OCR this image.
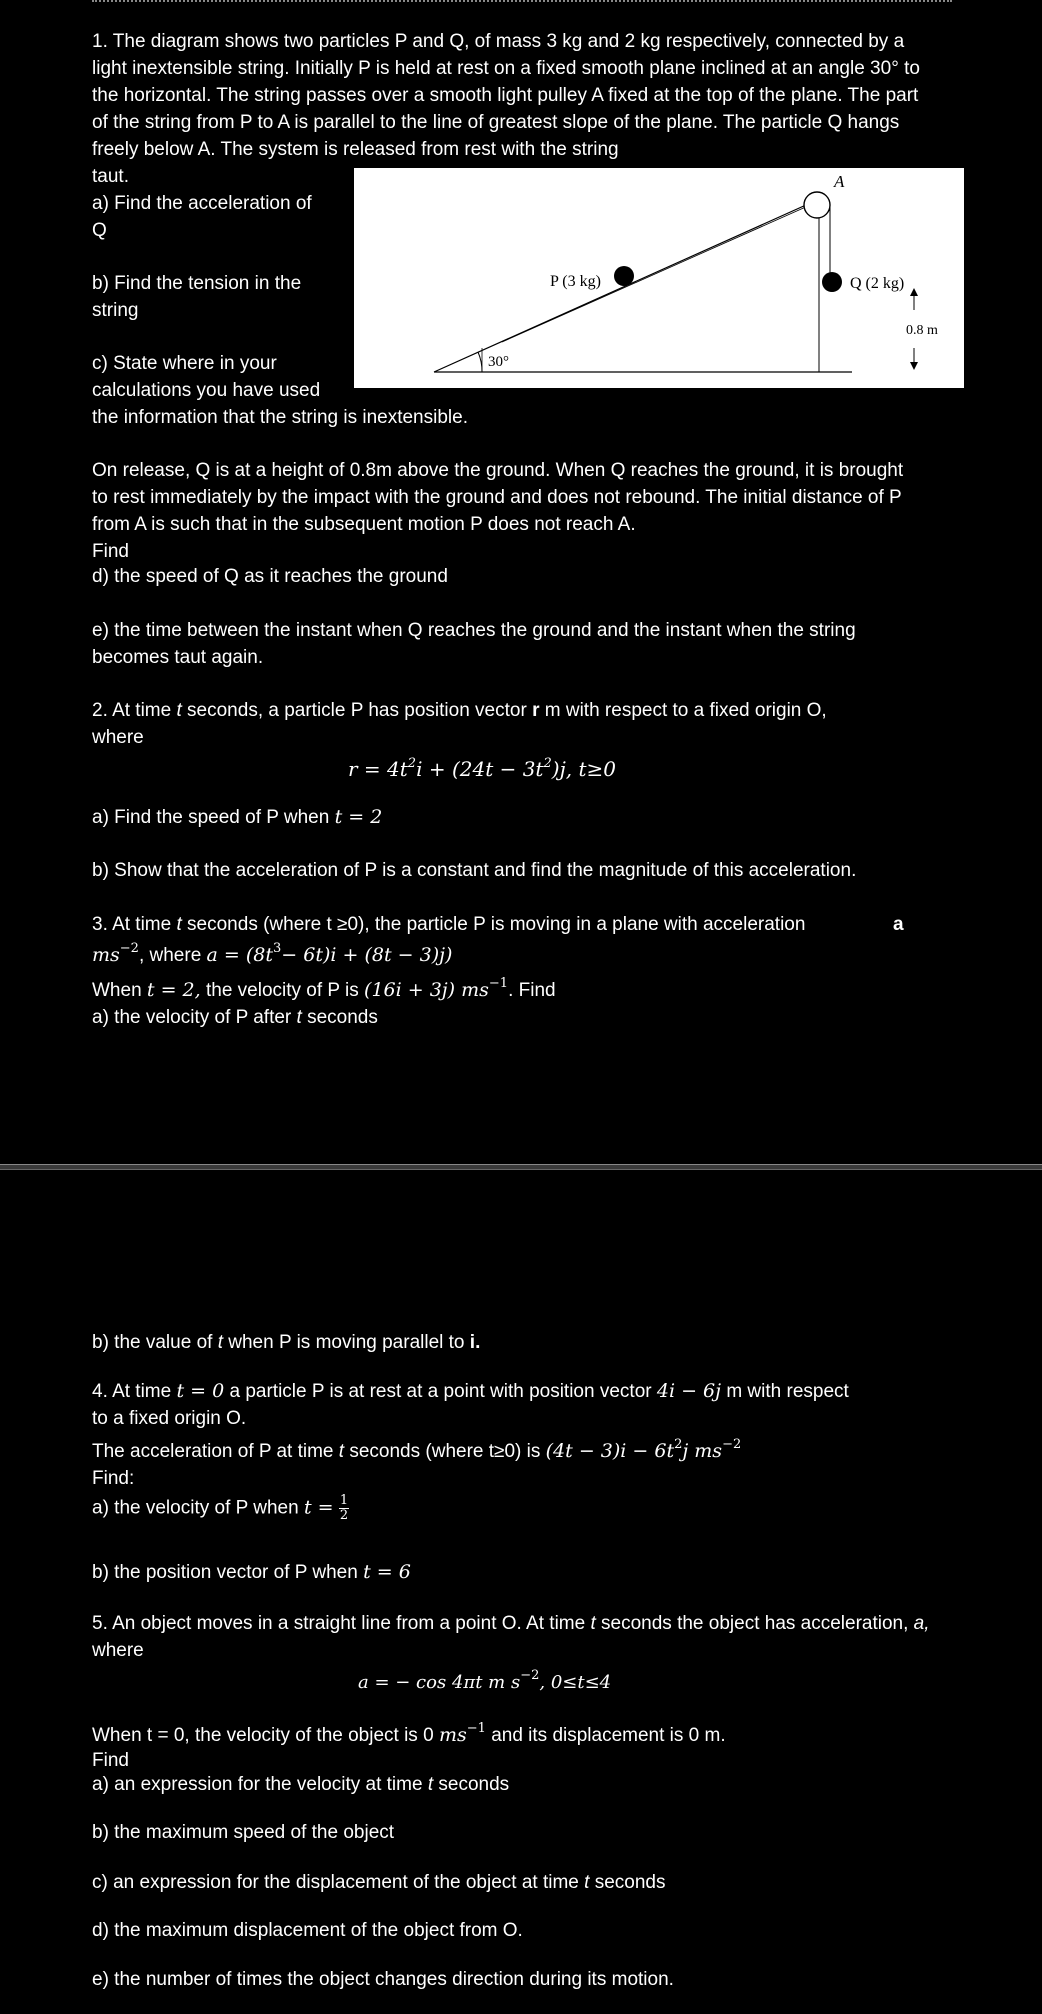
1. The diagram shows two particles P and Q, of mass 3 kg and 2 kg respectively, connected by a light inextensible string. Initially P is held at rest on a fixed smooth plane inclined at an angle 30° to the horizontal. The string passes over a smooth light pulley A fixed at the top of the plane. The part of the string from P to A is parallel to the line of greatest slope of the plane. The particle Q hangs freely below A. The system is released from rest with the string
taut.
a) Find the acceleration of
Q
b) Find the tension in the
string
c) State where in your
calculations you have used
the information that the string is inextensible.
A
P (3 kg)	Q (2 kg)
0.8 m
30°
On release, Q is at a height of 0.8m above the ground. When Q reaches the ground, it is brought to rest immediately by the impact with the ground and does not rebound. The initial distance of P from A is such that in the subsequent motion P does not reach A.
Find
d) the speed of Q as it reaches the ground
e) the time between the instant when Q reaches the ground and the instant when the string becomes taut again.
2. At time t seconds, a particle P has position vector r m with respect to a fixed origin O,
where
$r = 4t^2i + (24t - 3t^2)j$, t≥0
a) Find the speed of P when t = 2
b) Show that the acceleration of P is a constant and find the magnitude of this acceleration.
3. At time t seconds (where t ≥0), the particle P is moving in a plane with acceleration	a
$ms^{-2}$, where $a = (8t^3- 6t)i + (8t - 3)j$)
When t = 2, the velocity of P is (16i + 3j) $ms^{-1}$. Find
a) the velocity of P after t seconds
b) the value of t when P is moving parallel to i.
4. At time t = 0 a particle P is at rest at a point with position vector 4i − 6j m with respect
to a fixed origin O.
The acceleration of P at time t seconds (where t≥0) is $(4t - 3)i - 6t^2j$ $ms^{-2}$
Find:
a) the velocity of P when $t = \frac{1}{2}$
b) the position vector of P when t = 6
5. An object moves in a straight line from a point O. At time t seconds the object has acceleration, a,
where
a = − cos 4πt m $s^{-2}$, 0≤t≤4
When t = 0, the velocity of the object is 0 $ms^{-1}$ and its displacement is 0 m.
Find
a) an expression for the velocity at time t seconds
b) the maximum speed of the object
c) an expression for the displacement of the object at time t seconds
d) the maximum displacement of the object from O.
e) the number of times the object changes direction during its motion.
